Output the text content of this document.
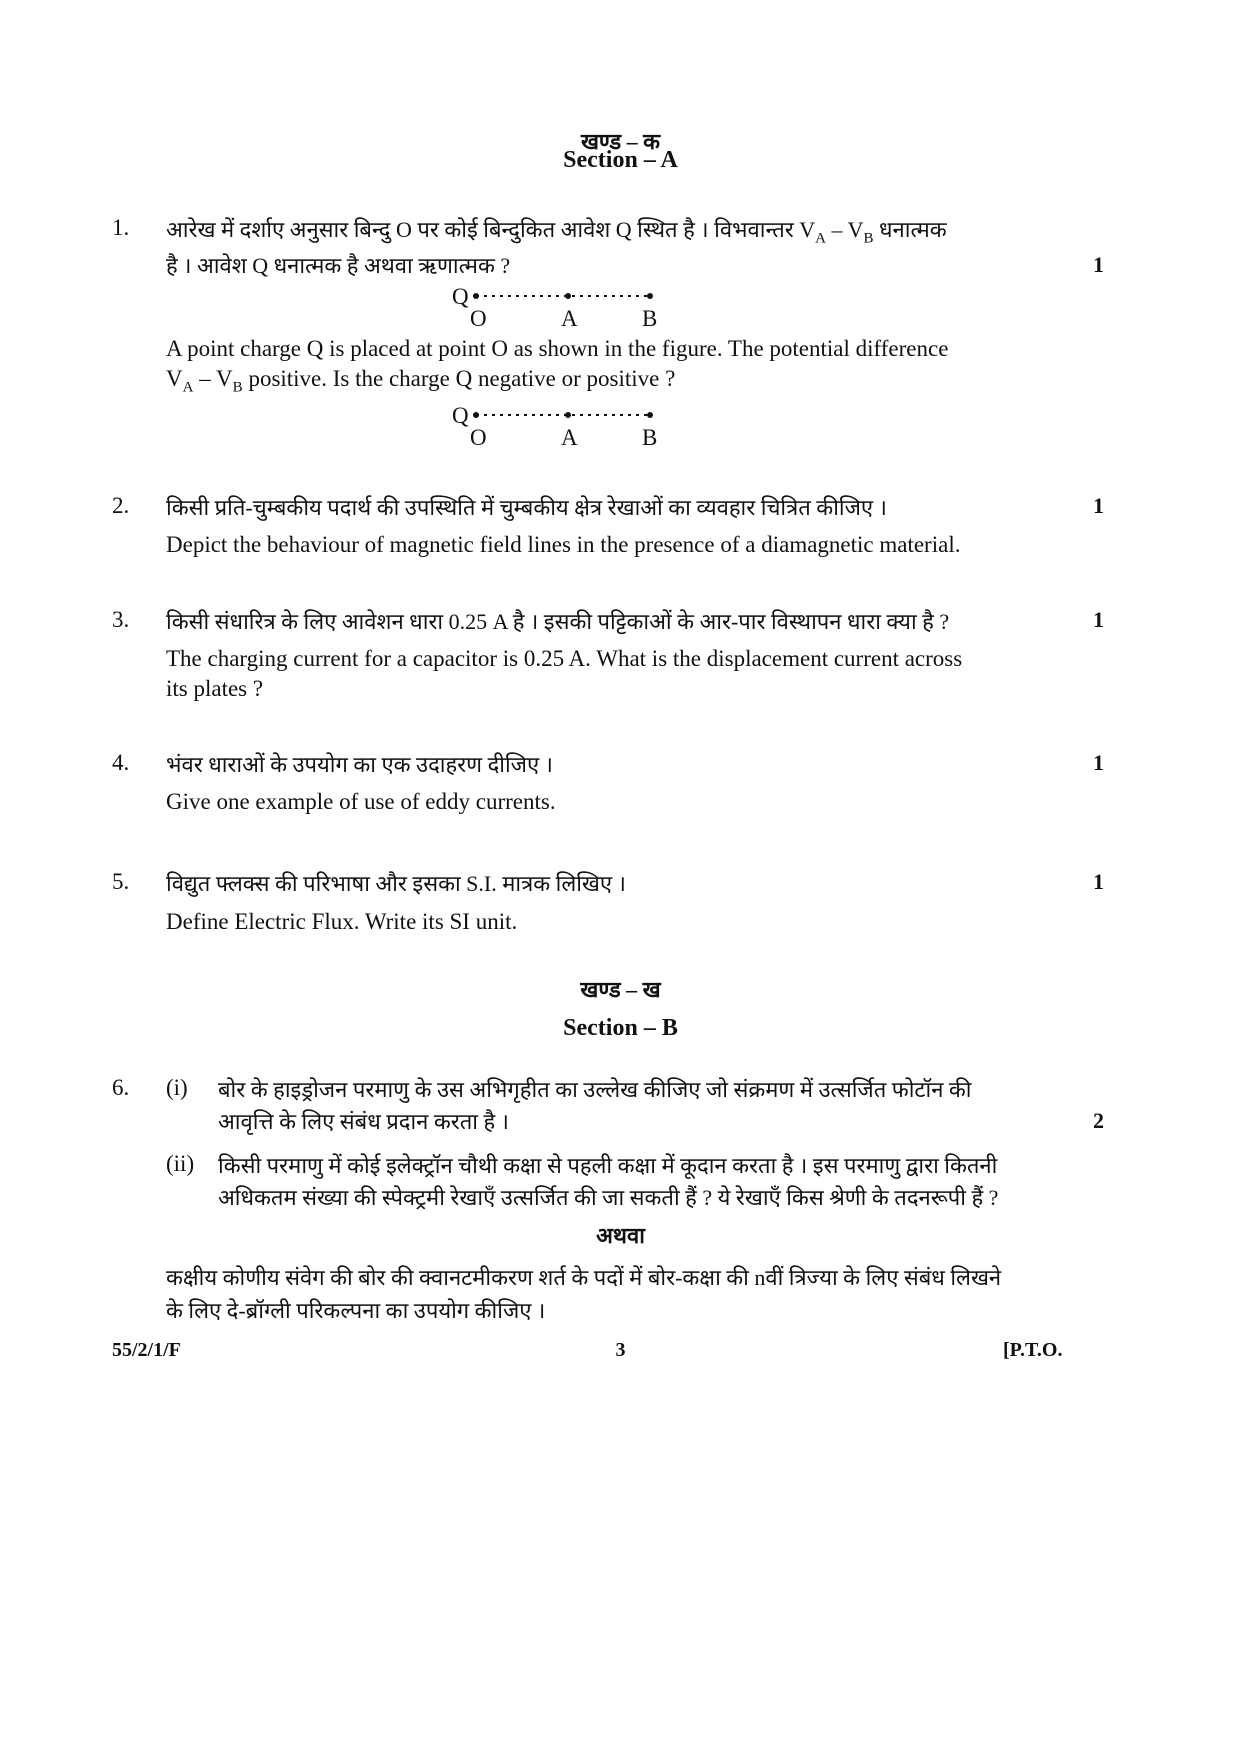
खण्ड – क
Section – A
1. आरेख में दर्शाए अनुसार बिन्दु O पर कोई बिन्दुकित आवेश Q स्थित है । विभवान्तर $V_A - V_B$ धनात्मक
है । आवेश Q धनात्मक है अथवा ऋणात्मक ?	1
Q
O	A	B
A point charge Q is placed at point O as shown in the figure. The potential difference
$V_A - V_B$ positive. Is the charge Q negative or positive ?
Q
O	A	B
2. किसी प्रति-चुम्बकीय पदार्थ की उपस्थिति में चुम्बकीय क्षेत्र रेखाओं का व्यवहार चित्रित कीजिए ।	1
Depict the behaviour of magnetic field lines in the presence of a diamagnetic material.
3. किसी संधारित्र के लिए आवेशन धारा 0.25 A है । इसकी पट्टिकाओं के आर-पार विस्थापन धारा क्या है ?	1
The charging current for a capacitor is 0.25 A. What is the displacement current across
its plates ?
4. भंवर धाराओं के उपयोग का एक उदाहरण दीजिए ।	1
Give one example of use of eddy currents.
5. विद्युत फ्लक्स की परिभाषा और इसका S.I. मात्रक लिखिए ।	1
Define Electric Flux. Write its SI unit.
खण्ड – ख
Section – B
6. (i) बोर के हाइड्रोजन परमाणु के उस अभिगृहीत का उल्लेख कीजिए जो संक्रमण में उत्सर्जित फोटॉन की
आवृत्ति के लिए संबंध प्रदान करता है ।	2
(ii) किसी परमाणु में कोई इलेक्ट्रॉन चौथी कक्षा से पहली कक्षा में कूदान करता है । इस परमाणु द्वारा कितनी
अधिकतम संख्या की स्पेक्ट्रमी रेखाएँ उत्सर्जित की जा सकती हैं ? ये रेखाएँ किस श्रेणी के तदनरूपी हैं ?
अथवा
कक्षीय कोणीय संवेग की बोर की क्वानटमीकरण शर्त के पदों में बोर-कक्षा की nवीं त्रिज्या के लिए संबंध लिखने
के लिए दे-ब्रॉग्ली परिकल्पना का उपयोग कीजिए ।
55/2/1/F	3	[P.T.O.
